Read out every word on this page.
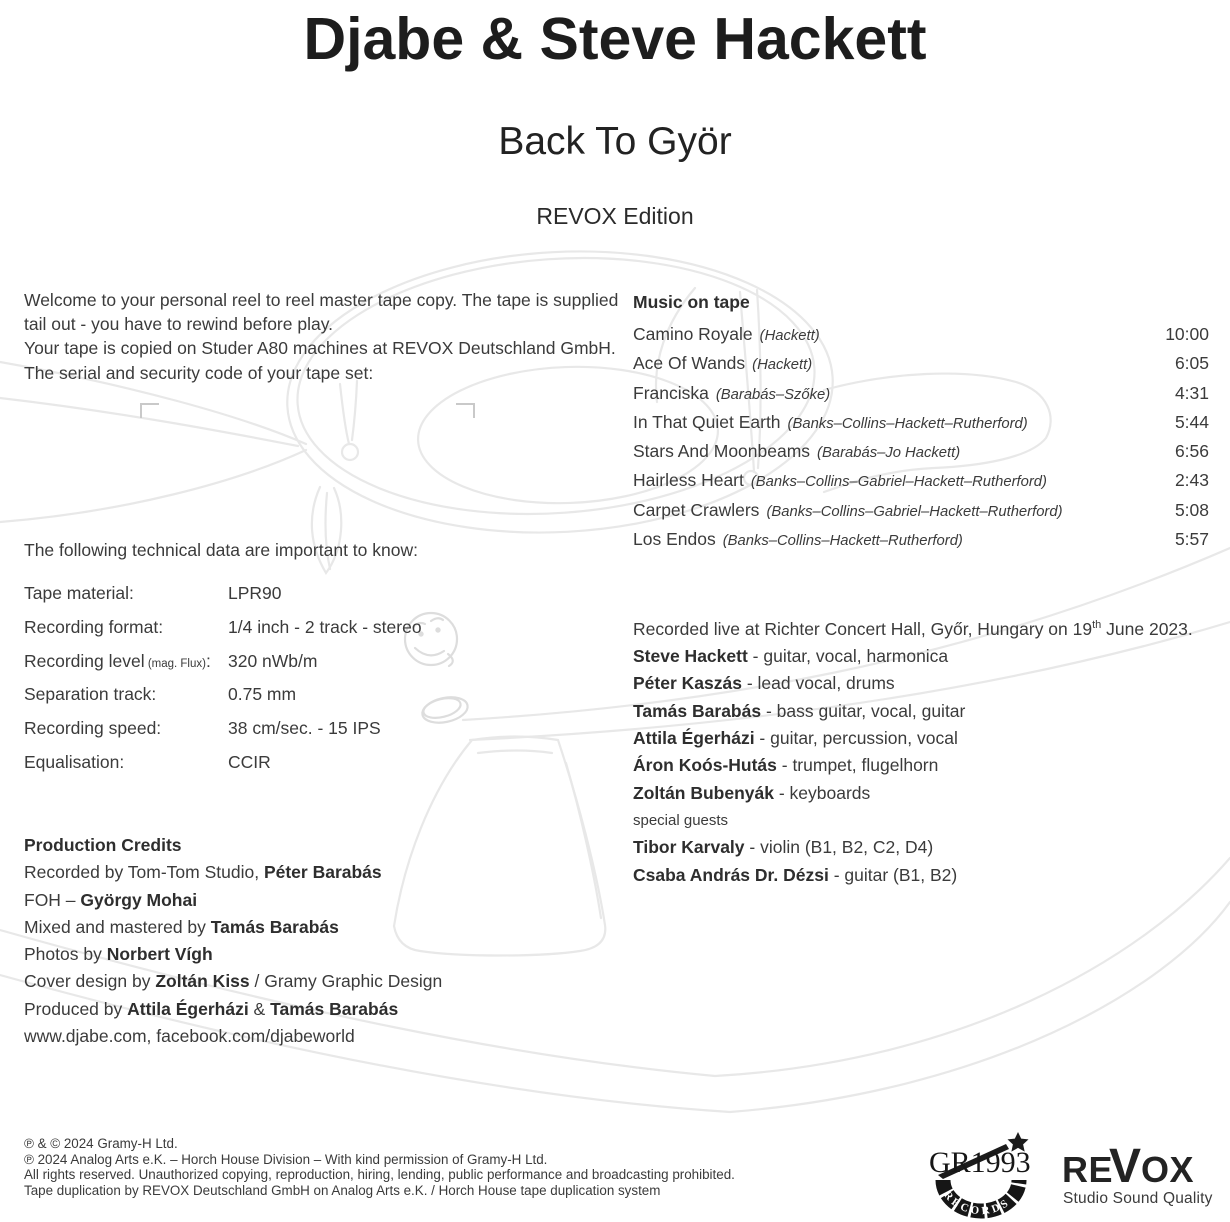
Djabe & Steve Hackett
Back To Györ
REVOX Edition

Welcome to your personal reel to reel master tape copy. The tape is supplied tail out - you have to rewind before play.

Your tape is copied on Studer A80 machines at REVOX Deutschland GmbH.

The serial and security code of your tape set:

Music on tape
Camino Royale (Hackett)	10:00
Ace Of Wands (Hackett)	6:05
Franciska (Barabás–Szőke)	4:31
In That Quiet Earth (Banks–Collins–Hackett–Rutherford)	5:44
Stars And Moonbeams (Barabás–Jo Hackett)	6:56
Hairless Heart (Banks–Collins–Gabriel–Hackett–Rutherford)	2:43
Carpet Crawlers (Banks–Collins–Gabriel–Hackett–Rutherford)	5:08
Los Endos (Banks–Collins–Hackett–Rutherford)	5:57

The following technical data are important to know:

Tape material:	LPR90
Recording format:	1/4 inch - 2 track - stereo
Recording level (mag. Flux): 320 nWb/m
Separation track:	0.75 mm
Recording speed:	38 cm/sec. - 15 IPS
Equalisation:	CCIR
Recorded live at Richter Concert Hall, Győr, Hungary on 19th June 2023.
Steve Hackett - guitar, vocal, harmonica
Péter Kaszás - lead vocal, drums
Tamás Barabás - bass guitar, vocal, guitar
Attila Égerházi - guitar, percussion, vocal
Áron Koós-Hutás - trumpet, flugelhorn
Zoltán Bubenyák - keyboards
special guests
Tibor Karvaly - violin (B1, B2, C2, D4)
Csaba András Dr. Dézsi - guitar (B1, B2)
Production Credits
Recorded by Tom-Tom Studio, Péter Barabás
FOH – György Mohai
Mixed and mastered by Tamás Barabás
Photos by Norbert Vígh
Cover design by Zoltán Kiss / Gramy Graphic Design
Produced by Attila Égerházi & Tamás Barabás
www.djabe.com, facebook.com/djabeworld
℗ & © 2024 Gramy-H Ltd.
℗ 2024 Analog Arts e.K. – Horch House Division – With kind permission of Gramy-H Ltd.
All rights reserved. Unauthorized copying, reproduction, hiring, lending, public performance and broadcasting prohibited.
Tape duplication by REVOX Deutschland GmbH on Analog Arts e.K. / Horch House tape duplication system
GR1993
RECORDS
RE
V OX
Studio Sound Quality
